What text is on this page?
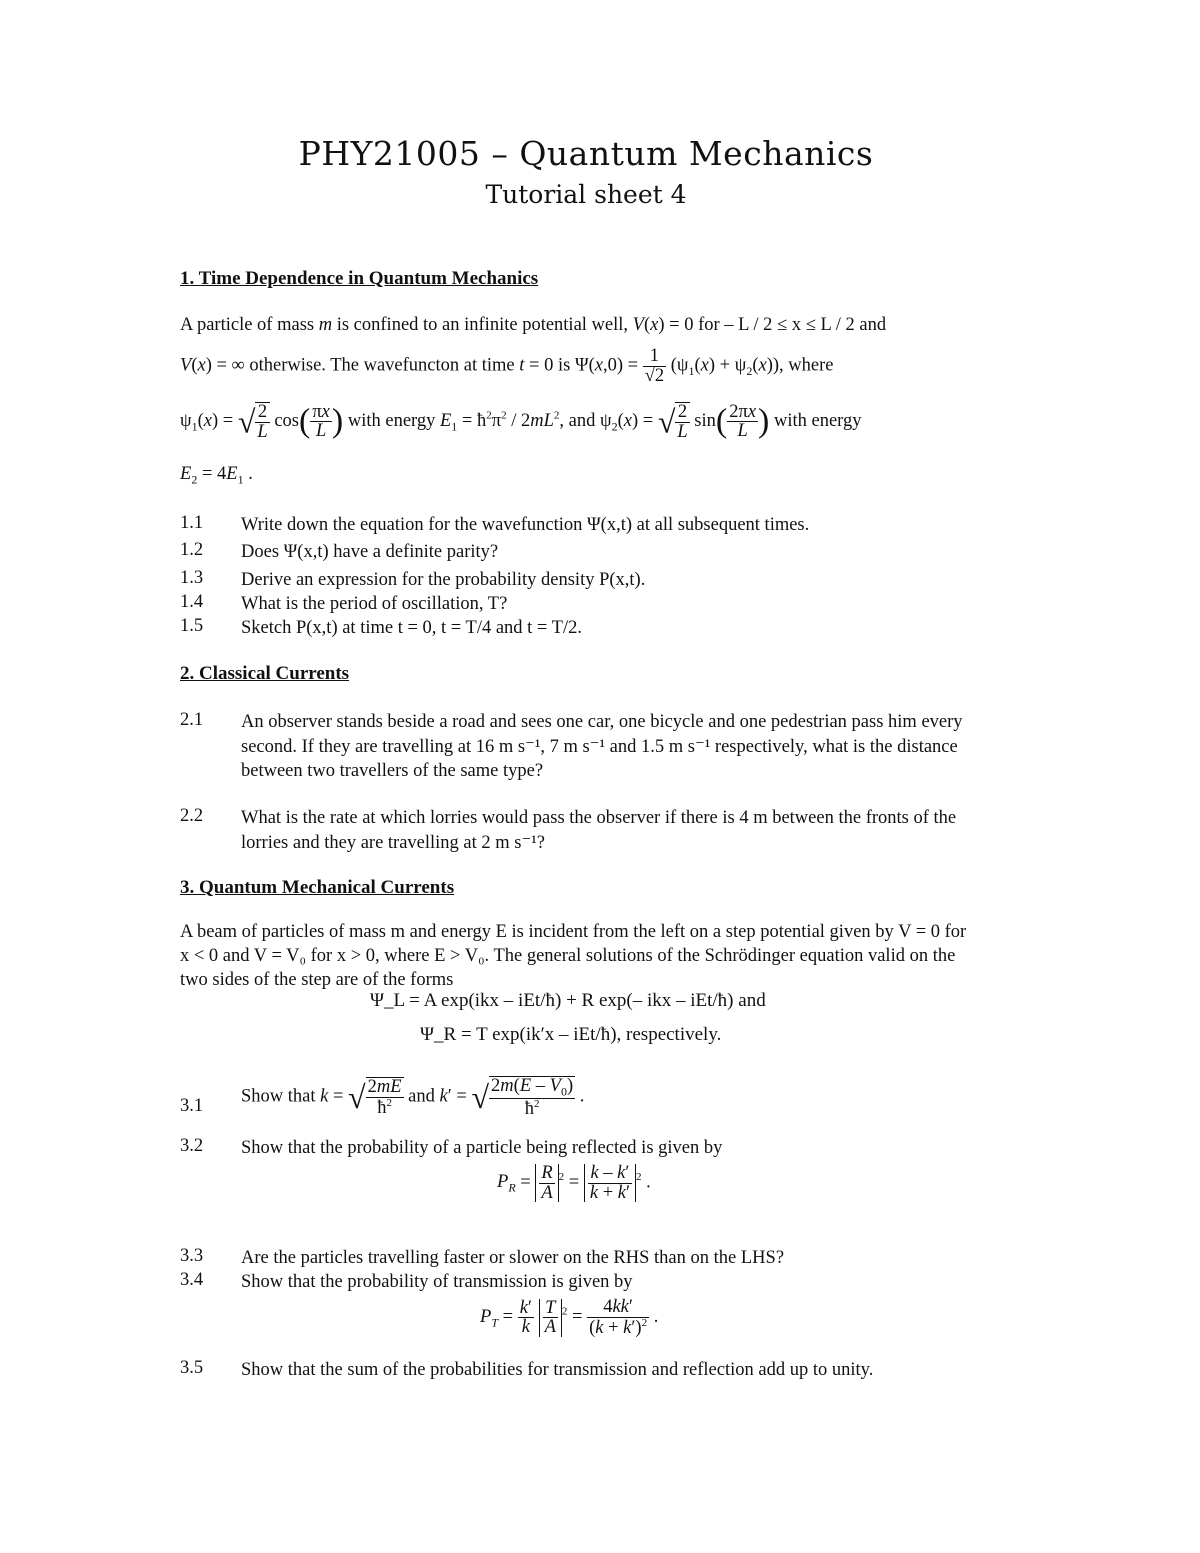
PHY21005 – Quantum Mechanics
Tutorial sheet 4
1. Time Dependence in Quantum Mechanics
A particle of mass m is confined to an infinite potential well, V(x) = 0 for – L / 2 ≤ x ≤ L / 2 and
V(x) = ∞ otherwise. The wavefuncton at time t = 0 is $\Psi(x,0) = \frac{1}{√2} (\psi_1(x) + \psi_2(x))$, where
$\psi_1(x)$ = √ $\frac{2}{L} \cos( \frac{\pi x}{L}$ ) with energy $E_1$ = $ħ^2\pi^2 / 2mL^2$, and $\psi_2(x)$ = √ $\frac{2}{L} \sin( \frac{2\pi x}{L}$ ) with energy
$E_2 = 4E_1$ .
1.1 Write down the equation for the wavefunction Ψ(x,t) at all subsequent times.
1.2 Does Ψ(x,t) have a definite parity?
1.3 Derive an expression for the probability density P(x,t).
1.4 What is the period of oscillation, T?
1.5 Sketch P(x,t) at time t = 0, t = T/4 and t = T/2.
2. Classical Currents
2.1 An observer stands beside a road and sees one car, one bicycle and one pedestrian pass him every second. If they are travelling at 16 m s⁻¹, 7 m s⁻¹ and 1.5 m s⁻¹ respectively, what is the distance between two travellers of the same type?
2.2 What is the rate at which lorries would pass the observer if there is 4 m between the fronts of the lorries and they are travelling at 2 m s⁻¹?
3. Quantum Mechanical Currents
A beam of particles of mass m and energy E is incident from the left on a step potential given by V = 0 for x < 0 and V = V₀ for x > 0, where E > V₀. The general solutions of the Schrödinger equation valid on the two sides of the step are of the forms
Ψ_L = A exp(ikx – iEt/ħ) + R exp(– ikx – iEt/ħ) and
Ψ_R = T exp(ik′x – iEt/ħ), respectively.
3.1 Show that k = √ $\frac{2mE}{ħ^2}$ and k′ = √ $\frac{2m(E - V_0)}{ħ^2}$ .
3.2 Show that the probability of a particle being reflected is given by
$P_R = \frac{R}{A} ^2 = \frac{k - k'}{k + k'} ^2$ .
3.3 Are the particles travelling faster or slower on the RHS than on the LHS?
3.4 Show that the probability of transmission is given by
$P_T = \frac{k'}{k}$
$\frac{T}{A} ^2 = \frac{4kk'}{(k + k')^2}$ .
3.5 Show that the sum of the probabilities for transmission and reflection add up to unity.
